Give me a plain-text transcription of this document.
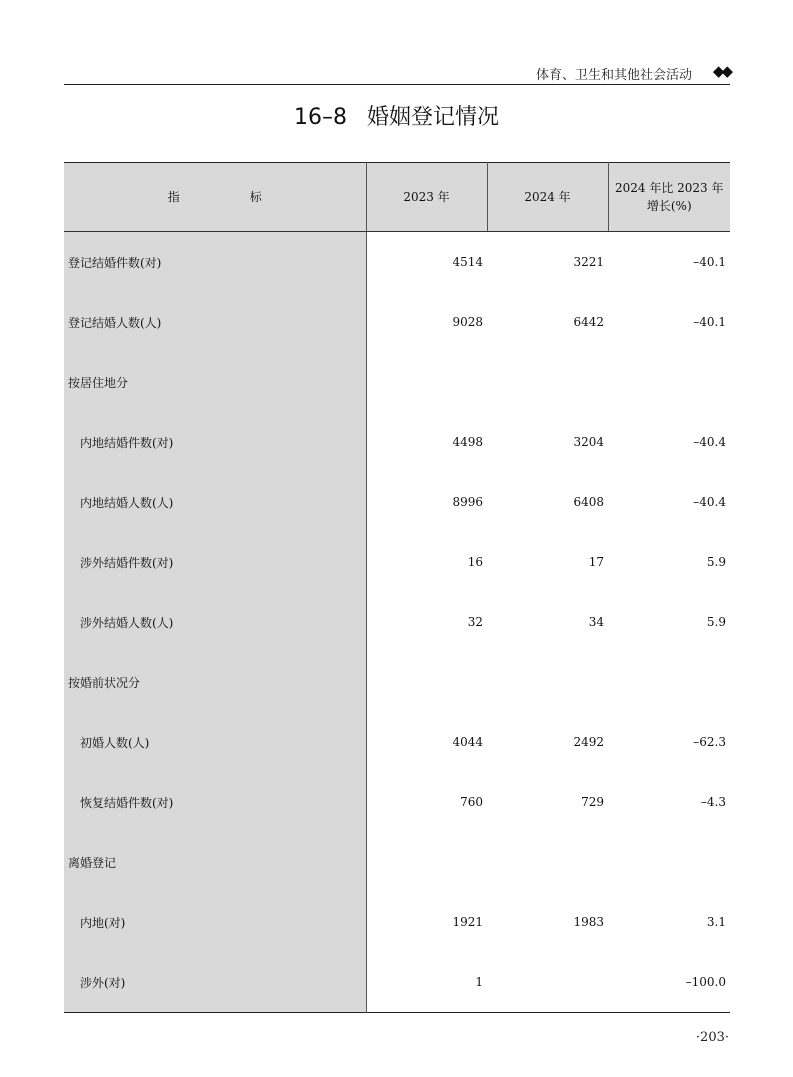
体育、卫生和其他社会活动 ◆◆
16–8 婚姻登记情况
指 标	2023 年	2024 年	2024 年比 2023 年
增长(%)
登记结婚件数(对)	4514	3221	–40.1
登记结婚人数(人)	9028	6442	–40.1
按居住地分			
内地结婚件数(对)	4498	3204	–40.4
内地结婚人数(人)	8996	6408	–40.4
涉外结婚件数(对)	16	17	5.9
涉外结婚人数(人)	32	34	5.9
按婚前状况分			
初婚人数(人)	4044	2492	–62.3
恢复结婚件数(对)	760	729	–4.3
离婚登记			
内地(对)	1921	1983	3.1
涉外(对)	1		–100.0
·203·
